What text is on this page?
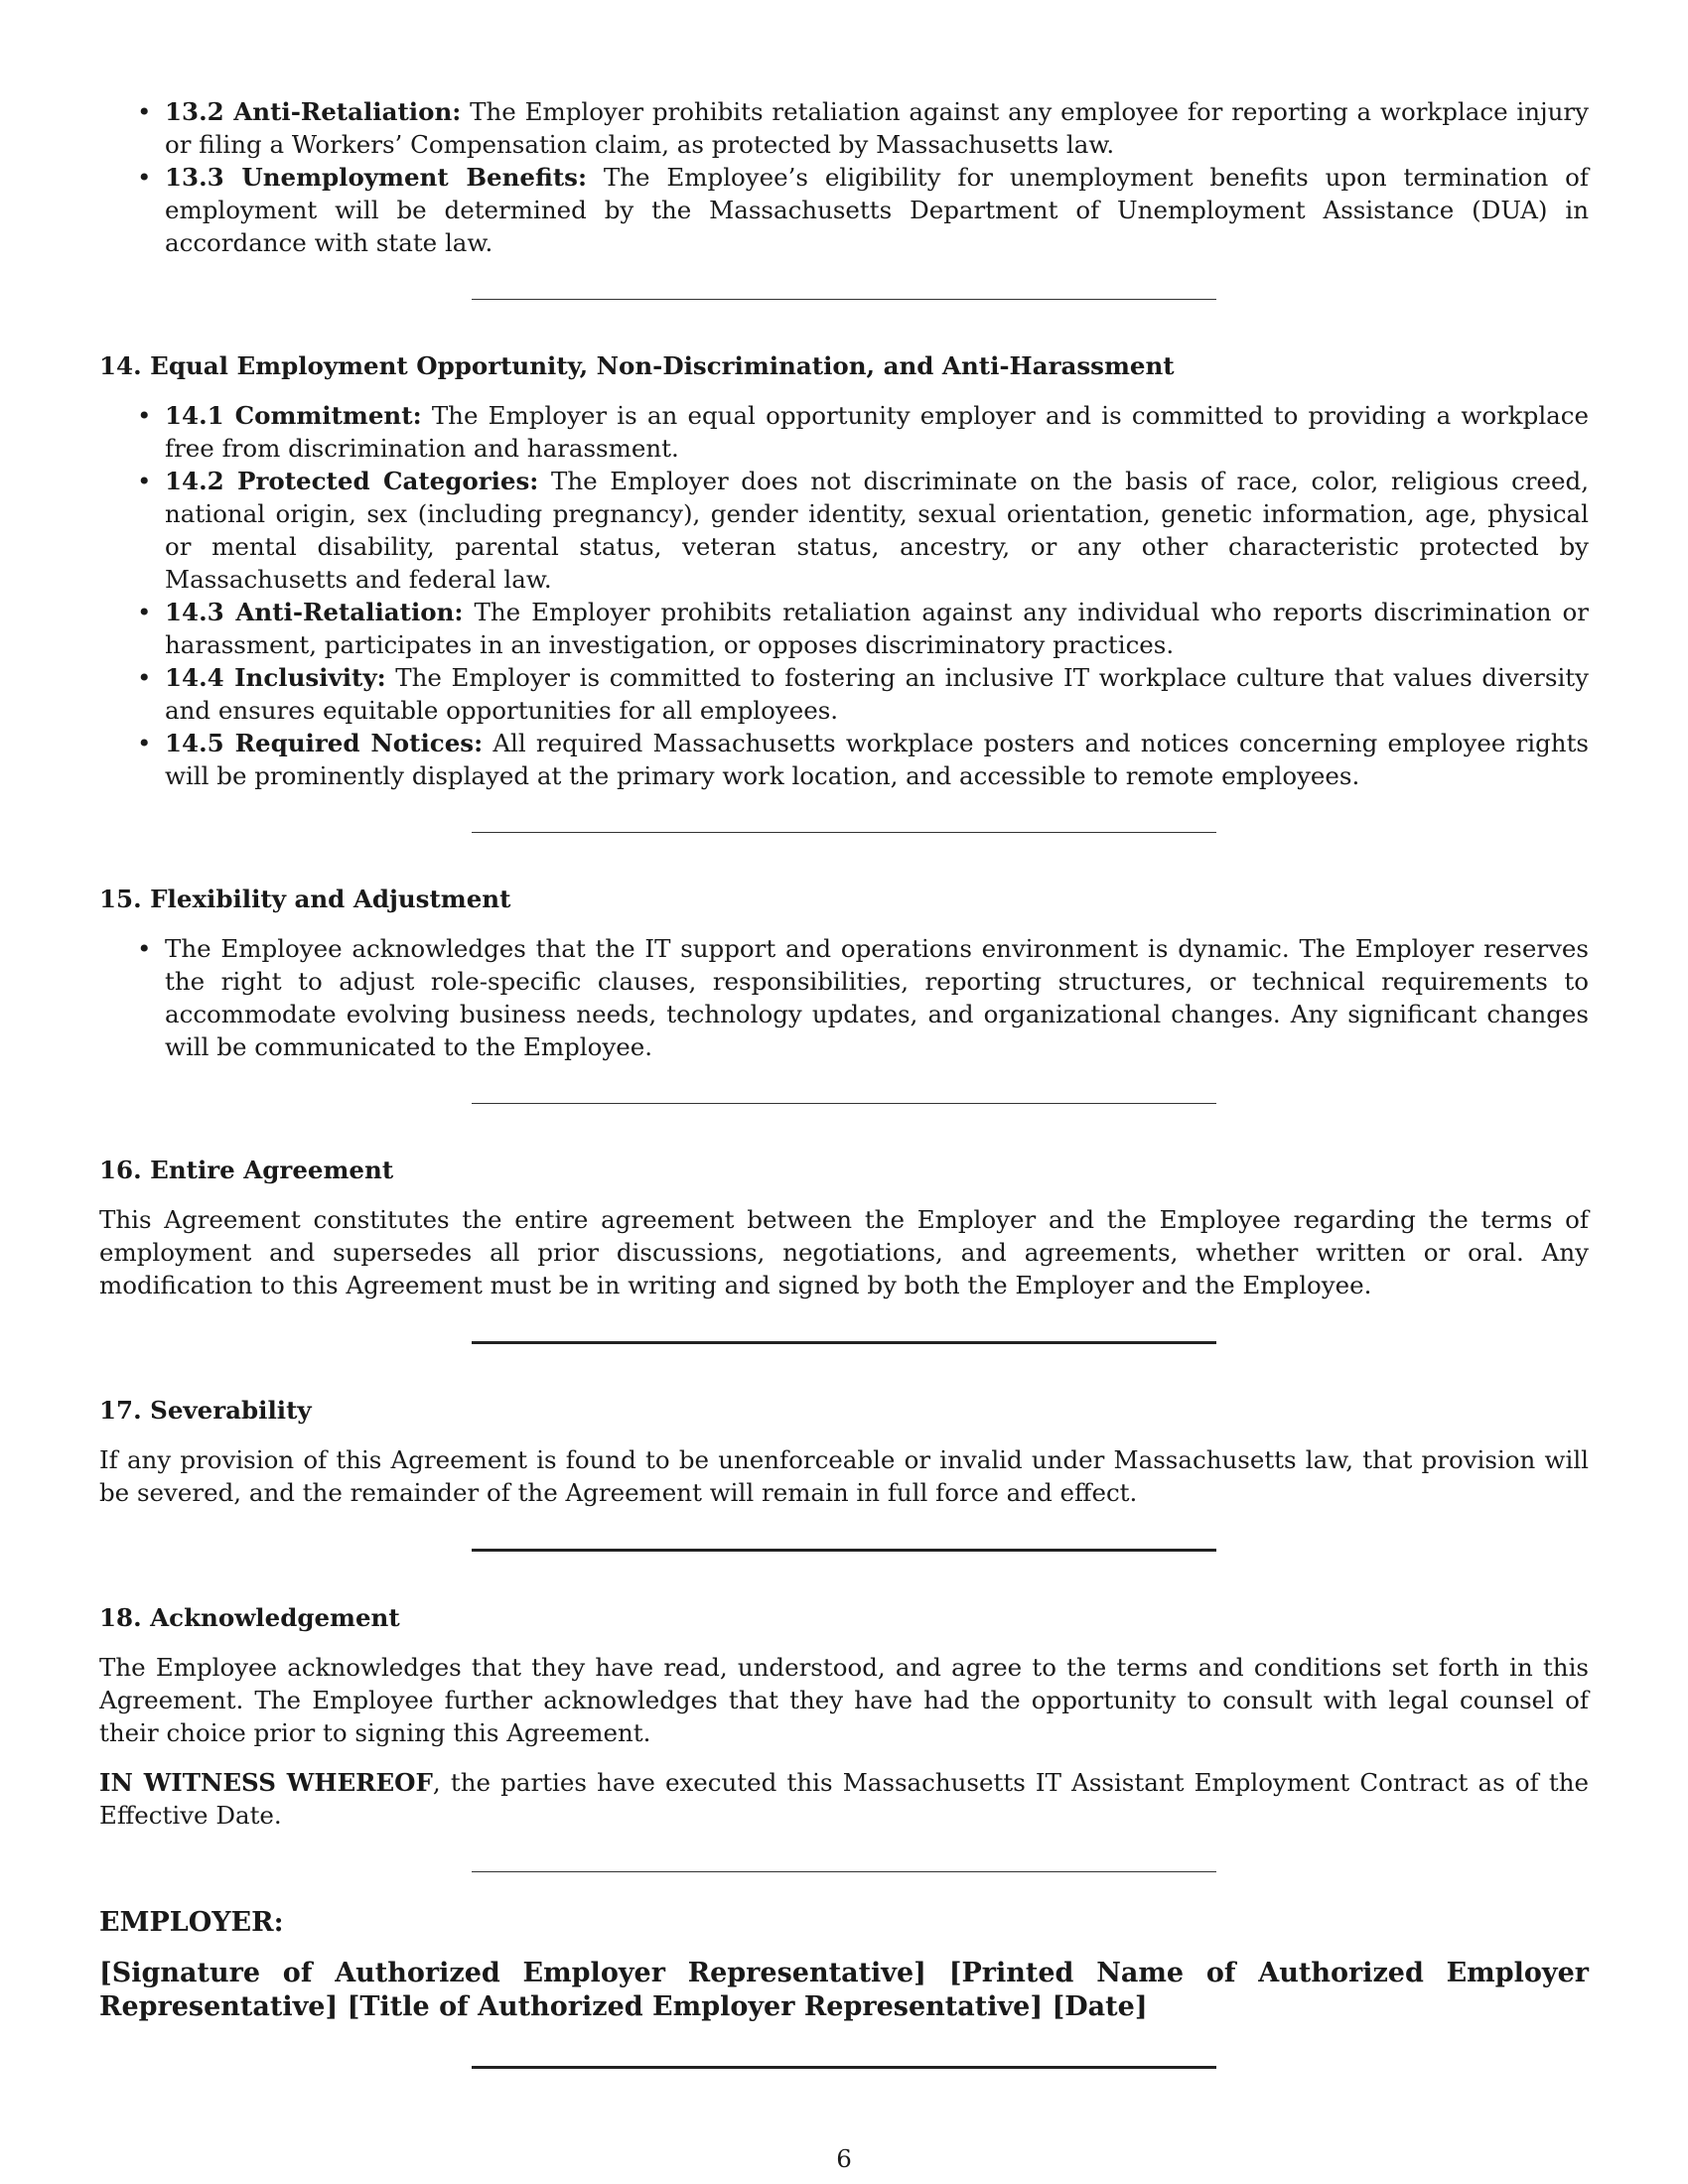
• 13.2 Anti-Retaliation: The Employer prohibits retaliation against any employee for reporting a workplace injury or filing a Workers’ Compensation claim, as protected by Massachusetts law.
• 13.3 Unemployment Benefits: The Employee’s eligibility for unemployment benefits upon termination of employment will be determined by the Massachusetts Department of Unemployment Assistance (DUA) in accordance with state law.
14. Equal Employment Opportunity, Non-Discrimination, and Anti-Harassment
• 14.1 Commitment: The Employer is an equal opportunity employer and is committed to providing a workplace free from discrimination and harassment.
• 14.2 Protected Categories: The Employer does not discriminate on the basis of race, color, religious creed, national origin, sex (including pregnancy), gender identity, sexual orientation, genetic information, age, physical or mental disability, parental status, veteran status, ancestry, or any other characteristic protected by Massachusetts and federal law.
• 14.3 Anti-Retaliation: The Employer prohibits retaliation against any individual who reports discrimination or harassment, participates in an investigation, or opposes discriminatory practices.
• 14.4 Inclusivity: The Employer is committed to fostering an inclusive IT workplace culture that values diversity and ensures equitable opportunities for all employees.
• 14.5 Required Notices: All required Massachusetts workplace posters and notices concerning employee rights will be prominently displayed at the primary work location, and accessible to remote employees.
15. Flexibility and Adjustment
• The Employee acknowledges that the IT support and operations environment is dynamic. The Employer reserves the right to adjust role-specific clauses, responsibilities, reporting structures, or technical requirements to accommodate evolving business needs, technology updates, and organizational changes. Any significant changes will be communicated to the Employee.
16. Entire Agreement

This Agreement constitutes the entire agreement between the Employer and the Employee regarding the terms of employment and supersedes all prior discussions, negotiations, and agreements, whether written or oral. Any modification to this Agreement must be in writing and signed by both the Employer and the Employee.

17. Severability

If any provision of this Agreement is found to be unenforceable or invalid under Massachusetts law, that provision will be severed, and the remainder of the Agreement will remain in full force and effect.

18. Acknowledgement

The Employee acknowledges that they have read, understood, and agree to the terms and conditions set forth in this Agreement. The Employee further acknowledges that they have had the opportunity to consult with legal counsel of their choice prior to signing this Agreement.

IN WITNESS WHEREOF, the parties have executed this Massachusetts IT Assistant Employment Contract as of the Effective Date.

EMPLOYER:

[Signature of Authorized Employer Representative] [Printed Name of Authorized Employer Representative] [Title of Authorized Employer Representative] [Date]

6
